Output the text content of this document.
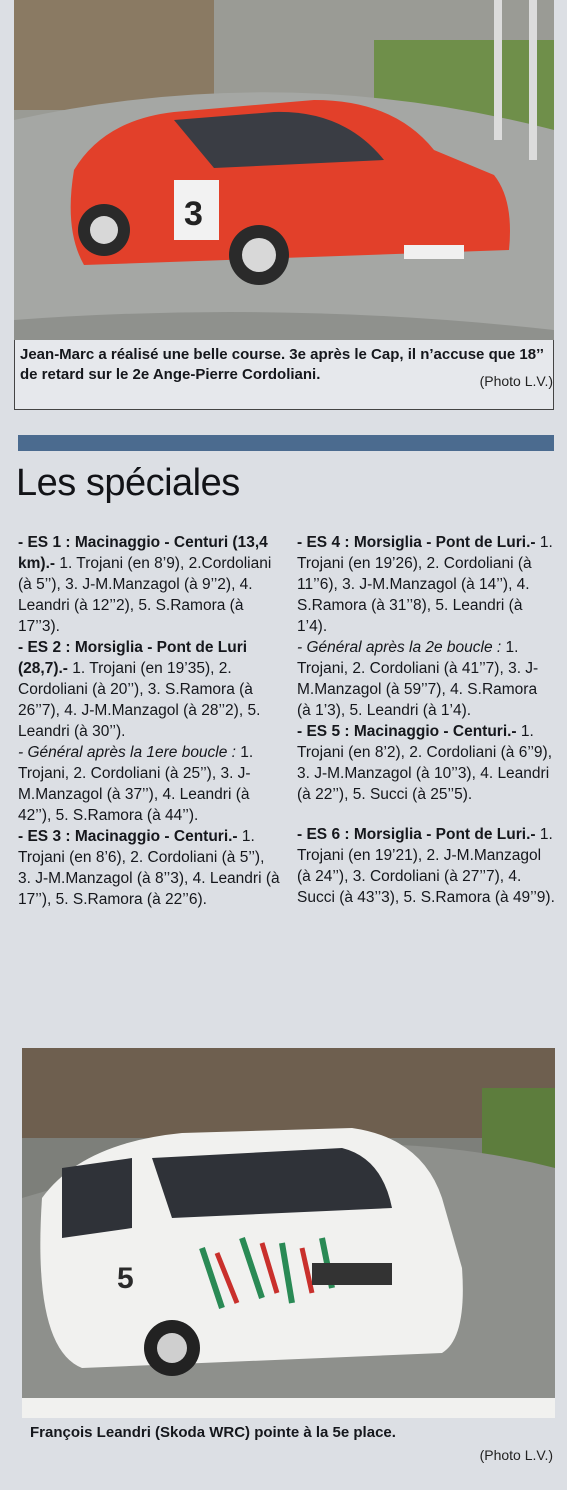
3
Jean-Marc a réalisé une belle course. 3e après le Cap, il n’accuse que 18’’ de retard sur le 2e Ange-Pierre Cordoliani.	(Photo L.V.)
Les spéciales
- ES 1 : Macinaggio - Centuri (13,4 km).- 1. Trojani (en 8’9), 2.Cordoliani (à 5’’), 3. J-M.Manzagol (à 9’’2), 4. Leandri (à 12’’2), 5. S.Ramora (à 17’’3).
- ES 2 : Morsiglia - Pont de Luri (28,7).- 1. Trojani (en 19’35), 2. Cordoliani (à 20’’), 3. S.Ramora (à 26’’7), 4. J-M.Manzagol (à 28’’2), 5. Leandri (à 30’’).
- Général après la 1ere boucle : 1. Trojani, 2. Cordoliani (à 25’’), 3. J-M.Manzagol (à 37’’), 4. Leandri (à 42’’), 5. S.Ramora (à 44’’).
- ES 3 : Macinaggio - Centuri.- 1. Trojani (en 8’6), 2. Cordoliani (à 5’’), 3. J-M.Manzagol (à 8’’3), 4. Leandri (à 17’’), 5. S.Ramora (à 22’’6).
- ES 4 : Morsiglia - Pont de Luri.- 1. Trojani (en 19’26), 2. Cordoliani (à 11’’6), 3. J-M.Manzagol (à 14’’), 4. S.Ramora (à 31’’8), 5. Leandri (à 1’4).
- Général après la 2e boucle : 1. Trojani, 2. Cordoliani (à 41’’7), 3. J-M.Manzagol (à 59’’7), 4. S.Ramora (à 1’3), 5. Leandri (à 1’4).
- ES 5 : Macinaggio - Centuri.- 1. Trojani (en 8’2), 2. Cordoliani (à 6’’9), 3. J-M.Manzagol (à 10’’3), 4. Leandri (à 22’’), 5. Succi (à 25’’5).
- ES 6 : Morsiglia - Pont de Luri.- 1. Trojani (en 19’21), 2. J-M.Manzagol (à 24’’), 3. Cordoliani (à 27’’7), 4. Succi (à 43’’3), 5. S.Ramora (à 49’’9).
5
François Leandri (Skoda WRC) pointe à la 5e place.
(Photo L.V.)
